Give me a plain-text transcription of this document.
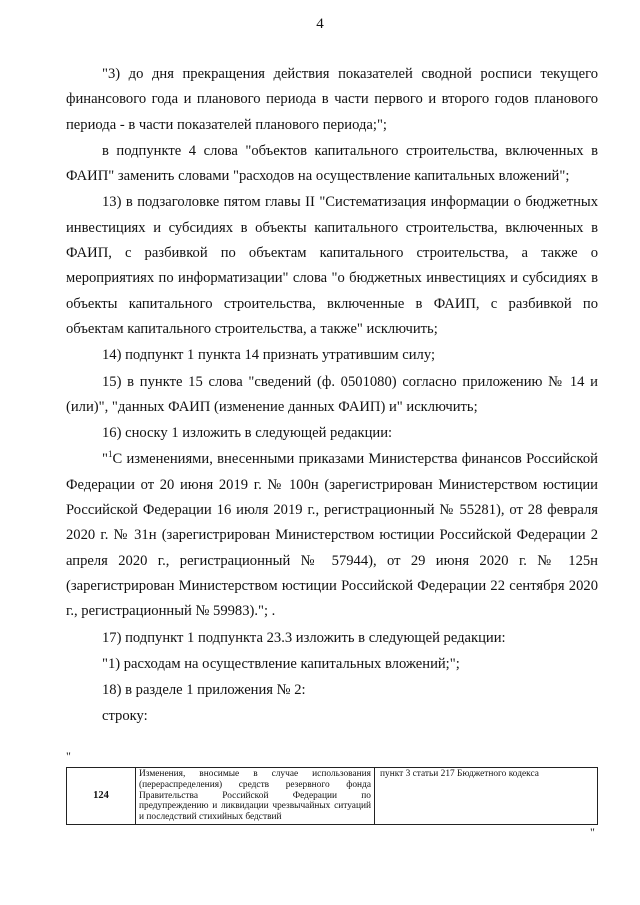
4

"3) до дня прекращения действия показателей сводной росписи текущего финансового года и планового периода в части первого и второго годов планового периода - в части показателей планового периода;";

в подпункте 4 слова "объектов капитального строительства, включенных в ФАИП" заменить словами "расходов на осуществление капитальных вложений";

13) в подзаголовке пятом главы II "Систематизация информации о бюджетных инвестициях и субсидиях в объекты капитального строительства, включенных в ФАИП, с разбивкой по объектам капитального строительства, а также о мероприятиях по информатизации" слова "о бюджетных инвестициях и субсидиях в объекты капитального строительства, включенные в ФАИП, с разбивкой по объектам капитального строительства, а также" исключить;

14) подпункт 1 пункта 14 признать утратившим силу;

15) в пункте 15 слова "сведений (ф. 0501080) согласно приложению № 14 и (или)", "данных ФАИП (изменение данных ФАИП) и" исключить;

16) сноску 1 изложить в следующей редакции:

"$^1$С изменениями, внесенными приказами Министерства финансов Российской Федерации от 20 июня 2019 г. № 100н (зарегистрирован Министерством юстиции Российской Федерации 16 июля 2019 г., регистрационный № 55281), от 28 февраля 2020 г. № 31н (зарегистрирован Министерством юстиции Российской Федерации 2 апреля 2020 г., регистрационный № 57944), от 29 июня 2020 г. № 125н (зарегистрирован Министерством юстиции Российской Федерации 22 сентября 2020 г., регистрационный № 59983)."; .

17) подпункт 1 подпункта 23.3 изложить в следующей редакции:

"1) расходам на осуществление капитальных вложений;";

18) в разделе 1 приложения № 2:

строку:

"
124	Изменения, вносимые в случае использования (перераспределения) средств резервного фонда Правительства Российской Федерации по предупреждению и ликвидации чрезвычайных ситуаций и последствий стихийных бедствий	пункт 3 статьи 217 Бюджетного кодекса
"
